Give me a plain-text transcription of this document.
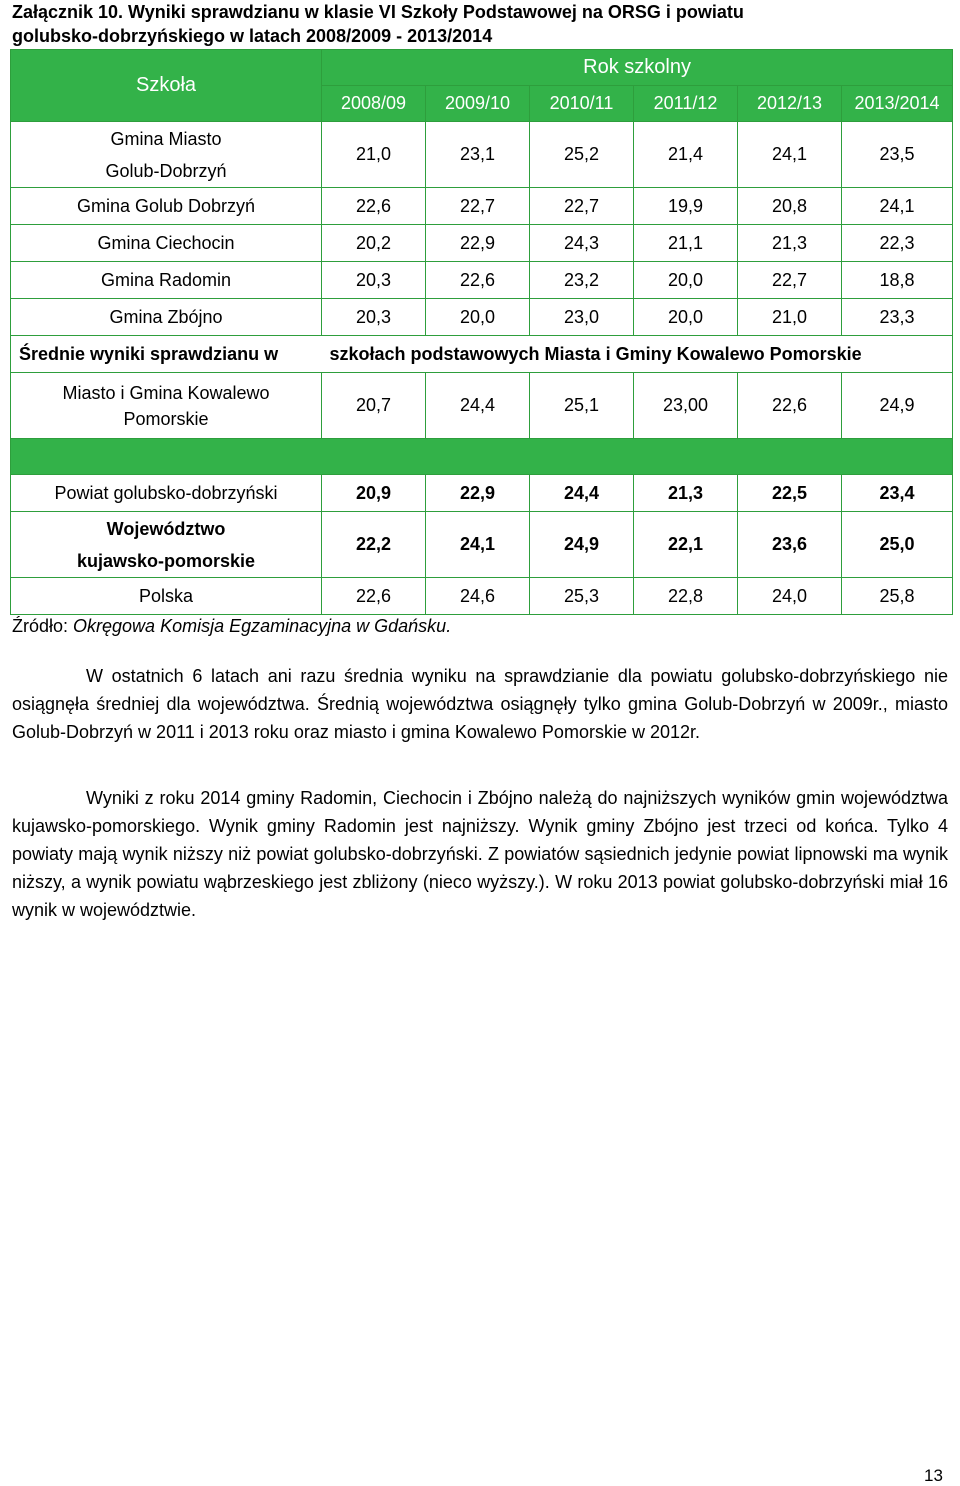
Załącznik 10. Wyniki sprawdzianu w klasie VI Szkoły Podstawowej na ORSG i powiatu
golubsko-dobrzyńskiego w latach 2008/2009 - 2013/2014
Szkoła	Rok szkolny					
	2008/09	2009/10	2010/11	2011/12	2012/13	2013/2014
Gmina Miasto
Golub-Dobrzyń	21,0	23,1	25,2	21,4	24,1	23,5
Gmina Golub Dobrzyń	22,6	22,7	22,7	19,9	20,8	24,1
Gmina Ciechocin	20,2	22,9	24,3	21,1	21,3	22,3
Gmina Radomin	20,3	22,6	23,2	20,0	22,7	18,8
Gmina Zbójno	20,3	20,0	23,0	20,0	21,0	23,3
Średnie wyniki sprawdzianu w	szkołach podstawowych Miasta i Gminy Kowalewo Pomorskie					
Miasto i Gmina Kowalewo
Pomorskie	20,7	24,4	25,1	23,00	22,6	24,9

Powiat golubsko-dobrzyński	20,9	22,9	24,4	21,3	22,5	23,4
Województwo
kujawsko-pomorskie	22,2	24,1	24,9	22,1	23,6	25,0
Polska	22,6	24,6	25,3	22,8	24,0	25,8
Źródło: Okręgowa Komisja Egzaminacyjna w Gdańsku.
W ostatnich 6 latach ani razu średnia wyniku na sprawdzianie dla powiatu golubsko-dobrzyńskiego nie osiągnęła średniej dla województwa. Średnią województwa osiągnęły tylko gmina Golub-Dobrzyń w 2009r., miasto Golub-Dobrzyń w 2011 i 2013 roku oraz miasto i gmina Kowalewo Pomorskie w 2012r.
Wyniki z roku 2014 gminy Radomin, Ciechocin i Zbójno należą do najniższych wyników gmin województwa kujawsko-pomorskiego. Wynik gminy Radomin jest najniższy. Wynik gminy Zbójno jest trzeci od końca. Tylko 4 powiaty mają wynik niższy niż powiat golubsko-dobrzyński. Z powiatów sąsiednich jedynie powiat lipnowski ma wynik niższy, a wynik powiatu wąbrzeskiego jest zbliżony (nieco wyższy.). W roku 2013 powiat golubsko-dobrzyński miał 16 wynik w województwie.
13
